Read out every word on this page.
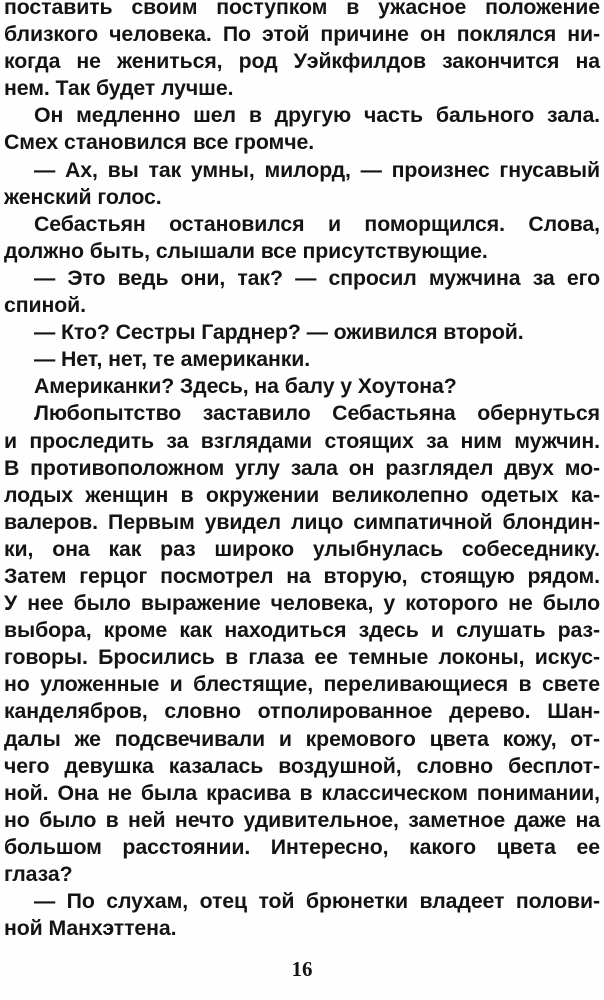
поставить своим поступком в ужасное положение
близкого человека. По этой причине он поклялся ни-
когда не жениться, род Уэйкфилдов закончится на
нем. Так будет лучше.
Он медленно шел в другую часть бального зала.
Смех становился все громче.
— Ах, вы так умны, милорд, — произнес гнусавый
женский голос.
Себастьян остановился и поморщился. Слова,
должно быть, слышали все присутствующие.
— Это ведь они, так? — спросил мужчина за его
спиной.
— Кто? Сестры Гарднер? — оживился второй.
— Нет, нет, те американки.
Американки? Здесь, на балу у Хоутона?
Любопытство заставило Себастьяна обернуться
и проследить за взглядами стоящих за ним мужчин.
В противоположном углу зала он разглядел двух мо-
лодых женщин в окружении великолепно одетых ка-
валеров. Первым увидел лицо симпатичной блондин-
ки, она как раз широко улыбнулась собеседнику.
Затем герцог посмотрел на вторую, стоящую рядом.
У нее было выражение человека, у которого не было
выбора, кроме как находиться здесь и слушать раз-
говоры. Бросились в глаза ее темные локоны, искус-
но уложенные и блестящие, переливающиеся в свете
канделябров, словно отполированное дерево. Шан-
далы же подсвечивали и кремового цвета кожу, от-
чего девушка казалась воздушной, словно бесплот-
ной. Она не была красива в классическом понимании,
но было в ней нечто удивительное, заметное даже на
большом расстоянии. Интересно, какого цвета ее
глаза?
— По слухам, отец той брюнетки владеет полови-
ной Манхэттена.
16
